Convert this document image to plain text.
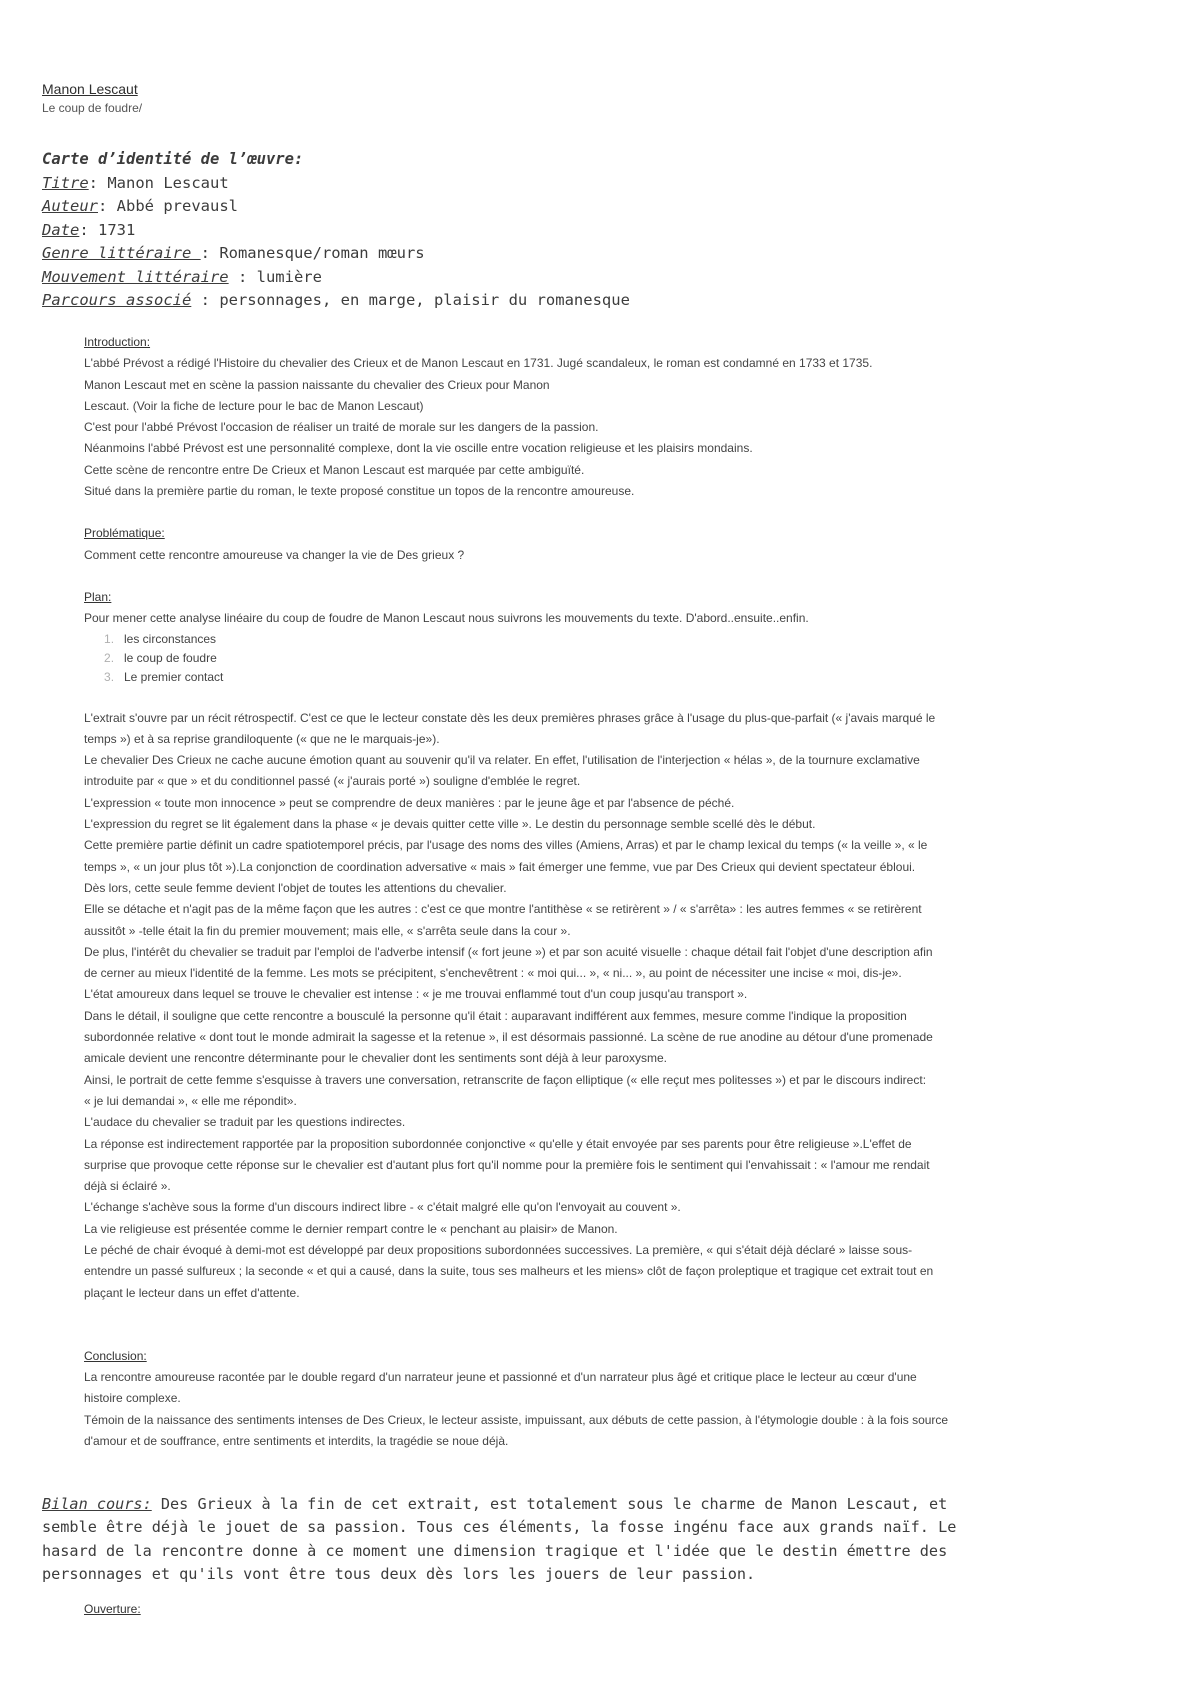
Manon Lescaut

Le coup de foudre/

Carte d’identité de l’œuvre:
Titre: Manon Lescaut
Auteur: Abbé prevausl
Date: 1731
Genre littéraire : Romanesque/roman mœurs
Mouvement littéraire : lumière
Parcours associé : personnages, en marge, plaisir du romanesque

Introduction:

L'abbé Prévost a rédigé l'Histoire du chevalier des Crieux et de Manon Lescaut en 1731. Jugé scandaleux, le roman est condamné en 1733 et 1735.

Manon Lescaut met en scène la passion naissante du chevalier des Crieux pour Manon

Lescaut. (Voir la fiche de lecture pour le bac de Manon Lescaut)

C'est pour l'abbé Prévost l'occasion de réaliser un traité de morale sur les dangers de la passion.

Néanmoins l'abbé Prévost est une personnalité complexe, dont la vie oscille entre vocation religieuse et les plaisirs mondains.

Cette scène de rencontre entre De Crieux et Manon Lescaut est marquée par cette ambiguïté.

Situé dans la première partie du roman, le texte proposé constitue un topos de la rencontre amoureuse.

Problématique:

Comment cette rencontre amoureuse va changer la vie de Des grieux ?

Plan:

Pour mener cette analyse linéaire du coup de foudre de Manon Lescaut nous suivrons les mouvements du texte. D'abord..ensuite..enfin.

les circonstances
le coup de foudre
Le premier contact

L'extrait s'ouvre par un récit rétrospectif. C'est ce que le lecteur constate dès les deux premières phrases grâce à l'usage du plus-que-parfait (« j'avais marqué le

temps ») et à sa reprise grandiloquente (« que ne le marquais-je»).

Le chevalier Des Crieux ne cache aucune émotion quant au souvenir qu'il va relater. En effet, l'utilisation de l'interjection « hélas », de la tournure exclamative

introduite par « que » et du conditionnel passé (« j'aurais porté ») souligne d'emblée le regret.

L'expression « toute mon innocence » peut se comprendre de deux manières : par le jeune âge et par l'absence de péché.

L'expression du regret se lit également dans la phase « je devais quitter cette ville ». Le destin du personnage semble scellé dès le début.

Cette première partie définit un cadre spatiotemporel précis, par l'usage des noms des villes (Amiens, Arras) et par le champ lexical du temps (« la veille », « le

temps », « un jour plus tôt »).La conjonction de coordination adversative « mais » fait émerger une femme, vue par Des Crieux qui devient spectateur ébloui.

Dès lors, cette seule femme devient l'objet de toutes les attentions du chevalier.

Elle se détache et n'agit pas de la même façon que les autres : c'est ce que montre l'antithèse « se retirèrent » / « s'arrêta» : les autres femmes « se retirèrent

aussitôt » -telle était la fin du premier mouvement; mais elle, « s'arrêta seule dans la cour ».

De plus, l'intérêt du chevalier se traduit par l'emploi de l'adverbe intensif (« fort jeune ») et par son acuité visuelle : chaque détail fait l'objet d'une description afin

de cerner au mieux l'identité de la femme. Les mots se précipitent, s'enchevêtrent : « moi qui... », « ni... », au point de nécessiter une incise « moi, dis-je».

L'état amoureux dans lequel se trouve le chevalier est intense : « je me trouvai enflammé tout d'un coup jusqu'au transport ».

Dans le détail, il souligne que cette rencontre a bousculé la personne qu'il était : auparavant indifférent aux femmes, mesure comme l'indique la proposition

subordonnée relative « dont tout le monde admirait la sagesse et la retenue », il est désormais passionné. La scène de rue anodine au détour d'une promenade

amicale devient une rencontre déterminante pour le chevalier dont les sentiments sont déjà à leur paroxysme.

Ainsi, le portrait de cette femme s'esquisse à travers une conversation, retranscrite de façon elliptique (« elle reçut mes politesses ») et par le discours indirect:

« je lui demandai », « elle me répondit».

L'audace du chevalier se traduit par les questions indirectes.

La réponse est indirectement rapportée par la proposition subordonnée conjonctive « qu'elle y était envoyée par ses parents pour être religieuse ».L'effet de

surprise que provoque cette réponse sur le chevalier est d'autant plus fort qu'il nomme pour la première fois le sentiment qui l'envahissait : « l'amour me rendait

déjà si éclairé ».

L'échange s'achève sous la forme d'un discours indirect libre - « c'était malgré elle qu'on l'envoyait au couvent ».

La vie religieuse est présentée comme le dernier rempart contre le « penchant au plaisir» de Manon.

Le péché de chair évoqué à demi-mot est développé par deux propositions subordonnées successives. La première, « qui s'était déjà déclaré » laisse sous-

entendre un passé sulfureux ; la seconde « et qui a causé, dans la suite, tous ses malheurs et les miens» clôt de façon proleptique et tragique cet extrait tout en

plaçant le lecteur dans un effet d'attente.

Conclusion:

La rencontre amoureuse racontée par le double regard d'un narrateur jeune et passionné et d'un narrateur plus âgé et critique place le lecteur au cœur d'une

histoire complexe.

Témoin de la naissance des sentiments intenses de Des Crieux, le lecteur assiste, impuissant, aux débuts de cette passion, à l'étymologie double : à la fois source

d'amour et de souffrance, entre sentiments et interdits, la tragédie se noue déjà.

Bilan cours: Des Grieux à la fin de cet extrait, est totalement sous le charme de Manon Lescaut, et
semble être déjà le jouet de sa passion. Tous ces éléments, la fosse ingénu face aux grands naïf. Le
hasard de la rencontre donne à ce moment une dimension tragique et l'idée que le destin émettre des
personnages et qu'ils vont être tous deux dès lors les jouers de leur passion.
Ouverture:
